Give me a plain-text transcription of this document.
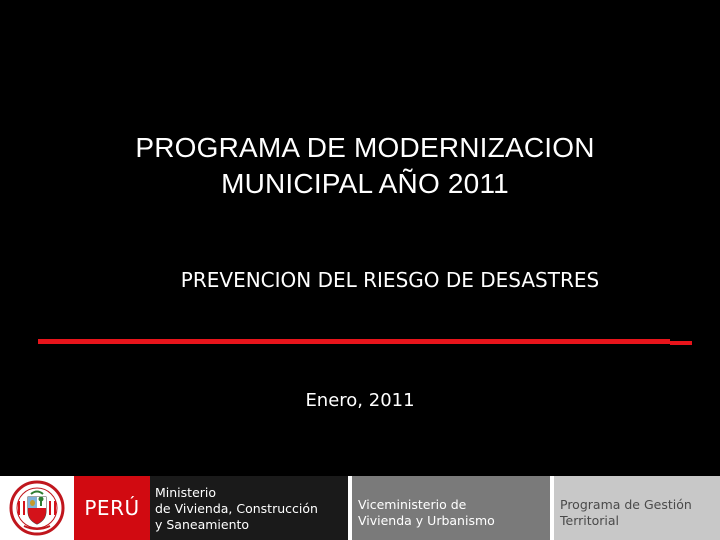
PROGRAMA DE MODERNIZACION
MUNICIPAL AÑO 2011
PREVENCION DEL RIESGO DE DESASTRES
Enero, 2011
PERÚ
Ministerio
de Vivienda, Construcción
y Saneamiento
Viceministerio de
Vivienda y Urbanismo
Programa de Gestión
Territorial
